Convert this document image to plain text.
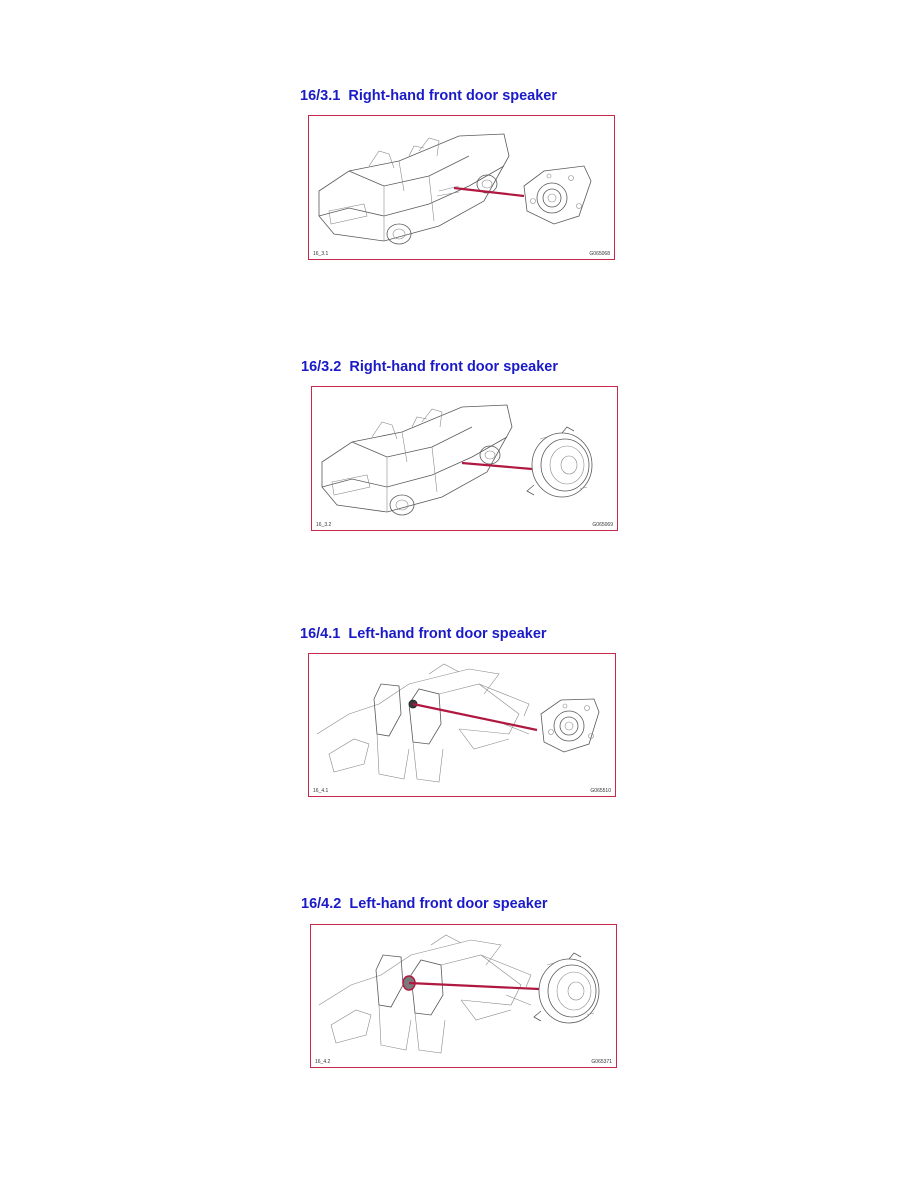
16/3.1  Right-hand front door speaker
16_3.1	G065068
16/3.2  Right-hand front door speaker
16_3.2	G065069
16/4.1  Left-hand front door speaker
16_4.1	G065510
16/4.2  Left-hand front door speaker
16_4.2	G065371
